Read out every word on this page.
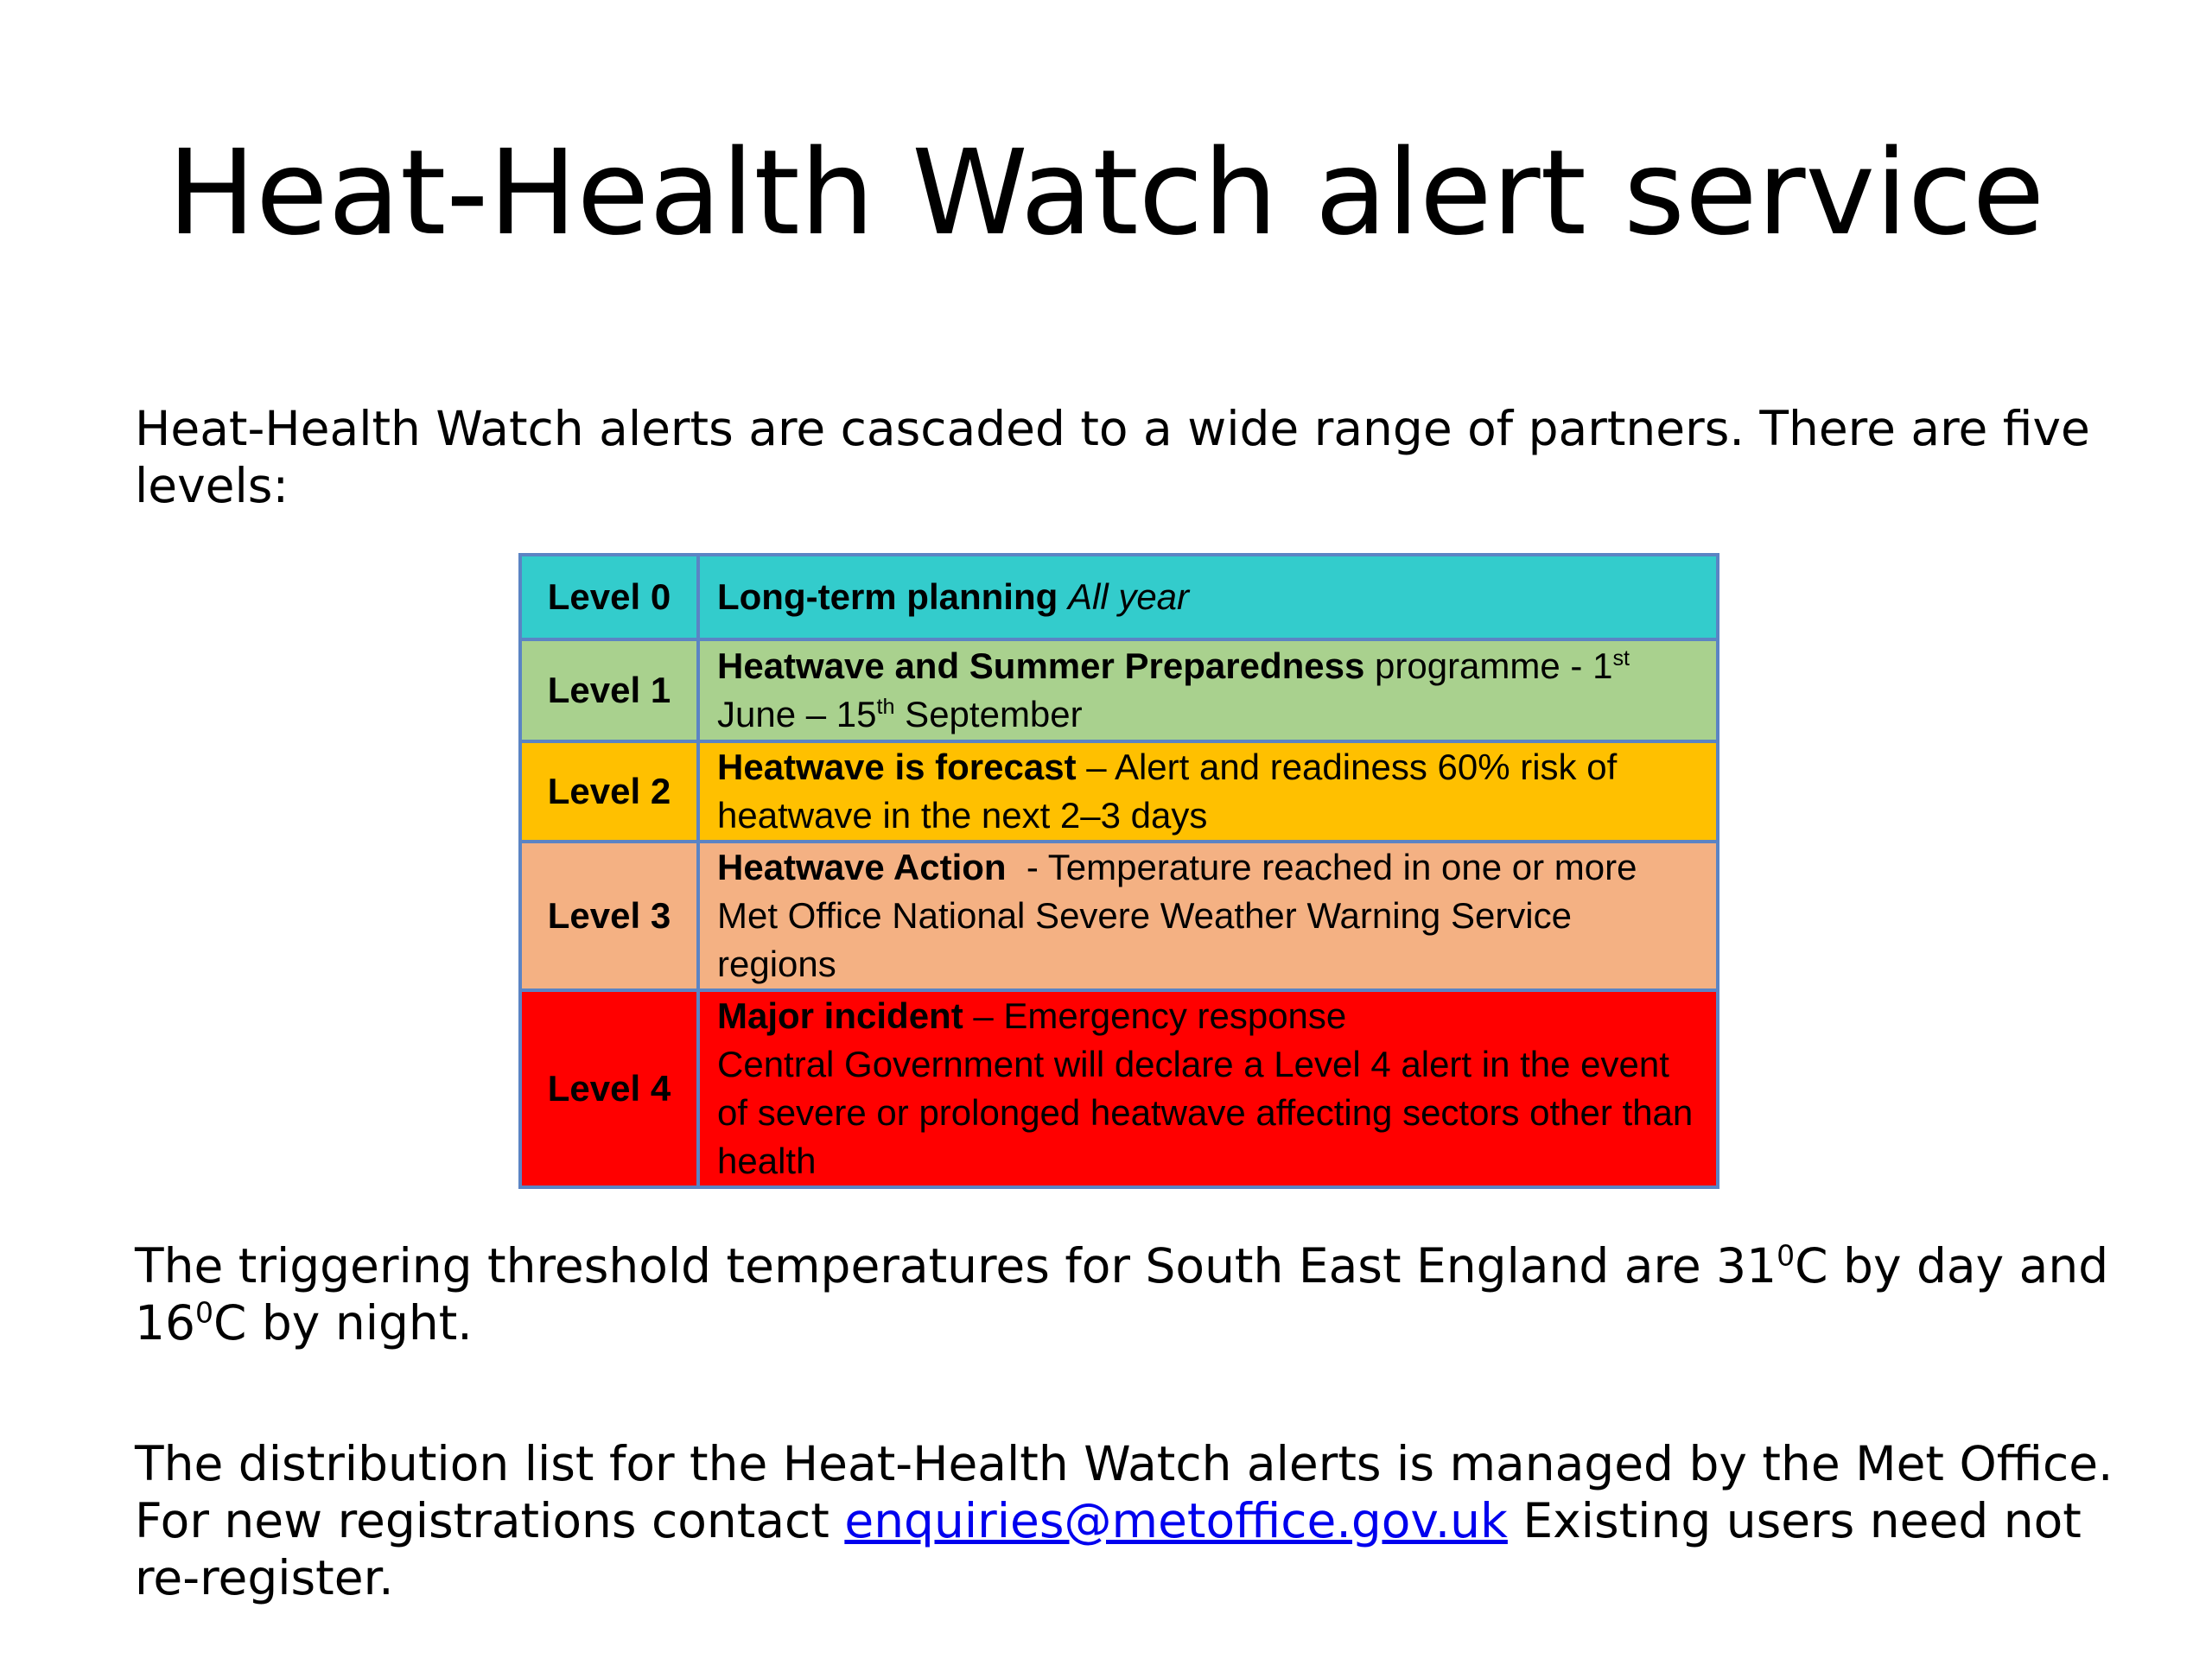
Heat-Health Watch alert service
Heat-Health Watch alerts are cascaded to a wide range of partners. There are five levels:
Level 0	Long-term planning All year
Level 1	Heatwave and Summer Preparedness programme - 1st June – 15th September
Level 2	Heatwave is forecast – Alert and readiness 60% risk of heatwave in the next 2–3 days
Level 3	Heatwave Action  - Temperature reached in one or more Met Office National Severe Weather Warning Service regions
Level 4	Major incident – Emergency response
Central Government will declare a Level 4 alert in the event of severe or prolonged heatwave affecting sectors other than health
The triggering threshold temperatures for South East England are $31^0C$ by day and $16^0C$ by night.
The distribution list for the Heat-Health Watch alerts is managed by the Met Office. For new registrations contact enquiries@metoffice.gov.uk Existing users need not re-register.
